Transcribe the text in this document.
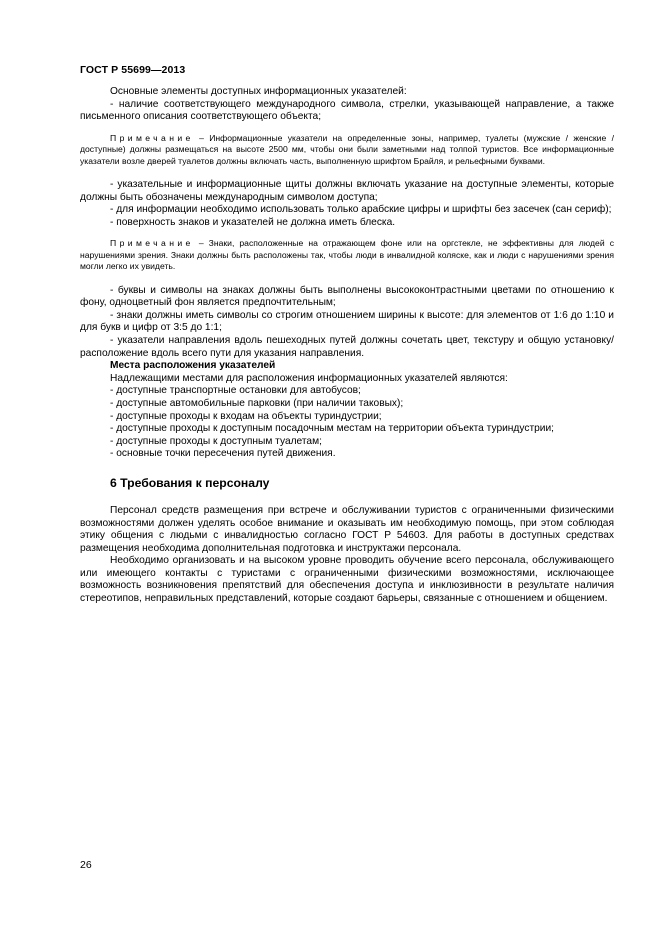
ГОСТ Р 55699—2013

Основные элементы доступных информационных указателей:

- наличие соответствующего международного символа, стрелки, указывающей направление, а также письменного описания соответствующего объекта;

Примечание – Информационные указатели на определенные зоны, например, туалеты (мужские / женские / доступные) должны размещаться на высоте 2500 мм, чтобы они были заметными над толпой туристов. Все информационные указатели возле дверей туалетов должны включать часть, выполненную шрифтом Брайля, и рельефными буквами.

- указательные и информационные щиты должны включать указание на доступные элементы, которые должны быть обозначены международным символом доступа;

- для информации необходимо использовать только арабские цифры и шрифты без засечек (сан сериф);

- поверхность знаков и указателей не должна иметь блеска.

Примечание – Знаки, расположенные на отражающем фоне или на оргстекле, не эффективны для людей с нарушениями зрения. Знаки должны быть расположены так, чтобы люди в инвалидной коляске, как и люди с нарушениями зрения могли легко их увидеть.

- буквы и символы на знаках должны быть выполнены высококонтрастными цветами по отношению к фону, одноцветный фон является предпочтительным;

- знаки должны иметь символы со строгим отношением ширины к высоте: для элементов от 1:6 до 1:10 и для букв и цифр от 3:5 до 1:1;

- указатели направления вдоль пешеходных путей должны сочетать цвет, текстуру и общую установку/расположение вдоль всего пути для указания направления.

Места расположения указателей

Надлежащими местами для расположения информационных указателей являются:

- доступные транспортные остановки для автобусов;

- доступные автомобильные парковки (при наличии таковых);

- доступные проходы к входам на объекты туриндустрии;

- доступные проходы к доступным посадочным местам на территории объекта туриндустрии;

- доступные проходы к доступным туалетам;

- основные точки пересечения путей движения.

6 Требования к персоналу

Персонал средств размещения при встрече и обслуживании туристов с ограниченными физическими возможностями должен уделять особое внимание и оказывать им необходимую помощь, при этом соблюдая этику общения с людьми с инвалидностью согласно ГОСТ Р 54603. Для работы в доступных средствах размещения необходима дополнительная подготовка и инструктажи персонала.

Необходимо организовать и на высоком уровне проводить обучение всего персонала, обслуживающего или имеющего контакты с туристами с ограниченными физическими возможностями, исключающее возможность возникновения препятствий для обеспечения доступа и инклюзивности в результате наличия стереотипов, неправильных представлений, которые создают барьеры, связанные с отношением и общением.

26
